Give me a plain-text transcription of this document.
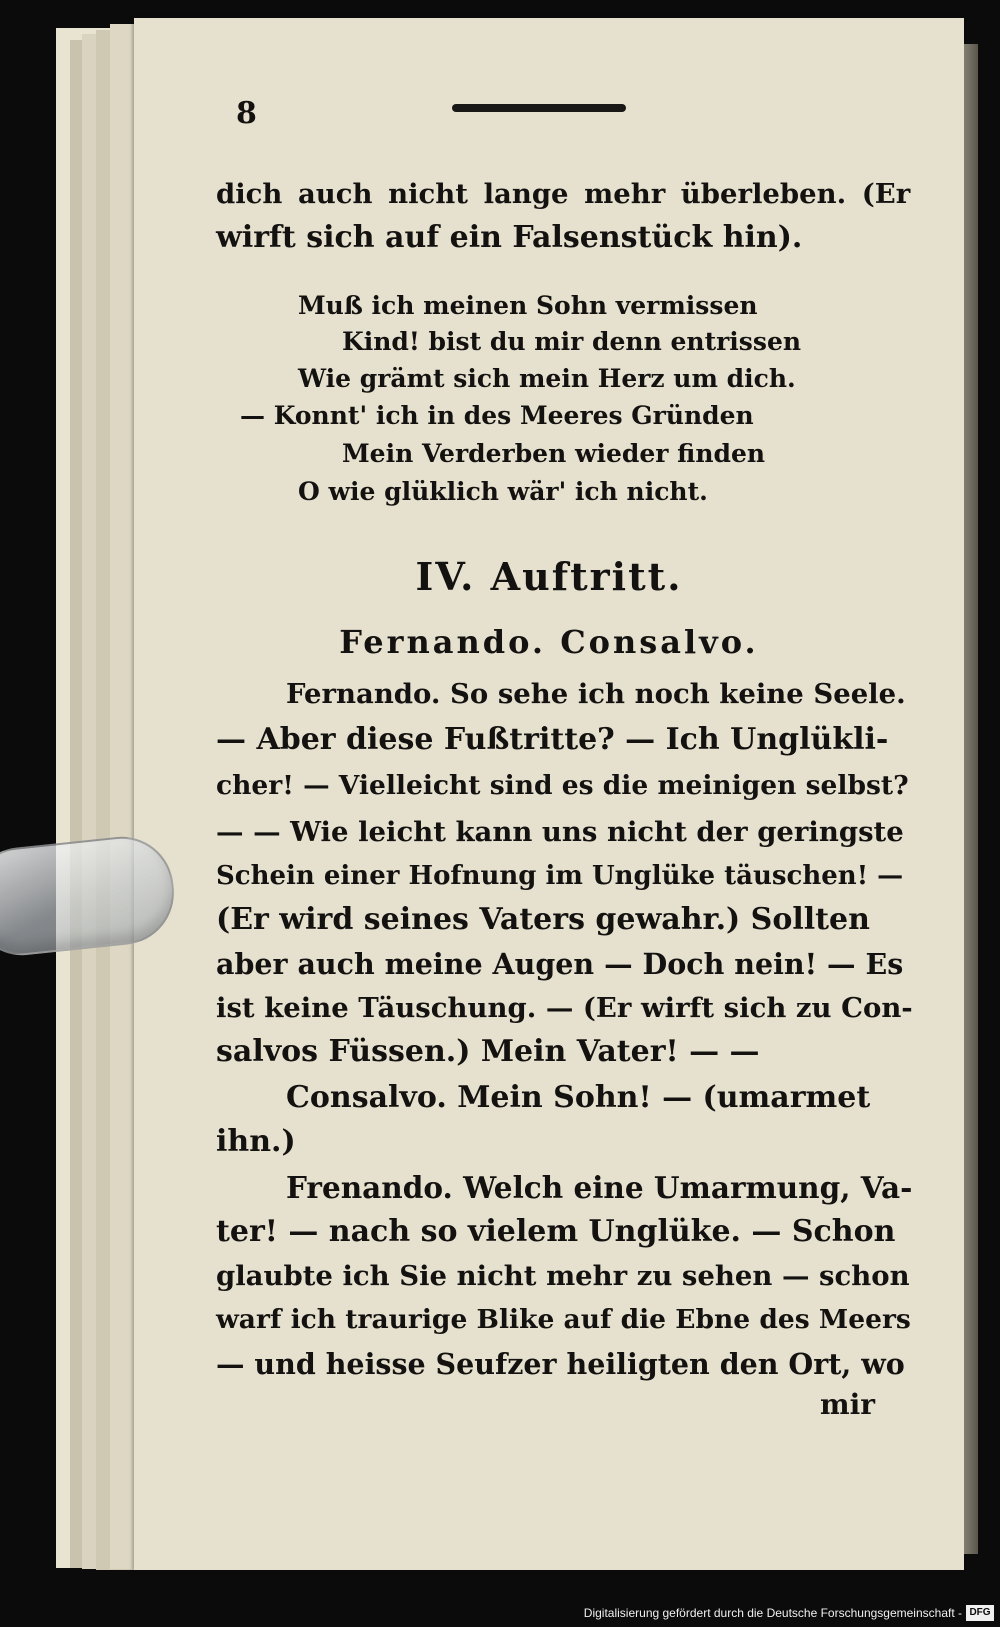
8
dich auch nicht lange mehr überleben. (Er
wirft sich auf ein Falsenstück hin).
Muß ich meinen Sohn vermissen
Kind! bist du mir denn entrissen
Wie grämt sich mein Herz um dich.
— Konnt' ich in des Meeres Gründen
Mein Verderben wieder finden
O wie glüklich wär' ich nicht.
IV. Auftritt.
Fernando. Consalvo.
Fernando. So sehe ich noch keine Seele.
— Aber diese Fußtritte? — Ich Unglükli-
cher! — Vielleicht sind es die meinigen selbst?
— — Wie leicht kann uns nicht der geringste
Schein einer Hofnung im Unglüke täuschen! —
(Er wird seines Vaters gewahr.) Sollten
aber auch meine Augen — Doch nein! — Es
ist keine Täuschung. — (Er wirft sich zu Con-
salvos Füssen.) Mein Vater! — —
Consalvo. Mein Sohn! — (umarmet
ihn.)
Frenando. Welch eine Umarmung, Va-
ter! — nach so vielem Unglüke. — Schon
glaubte ich Sie nicht mehr zu sehen — schon
warf ich traurige Blike auf die Ebne des Meers
— und heisse Seufzer heiligten den Ort, wo
mir
Digitalisierung gefördert durch die Deutsche Forschungsgemeinschaft - DFG
